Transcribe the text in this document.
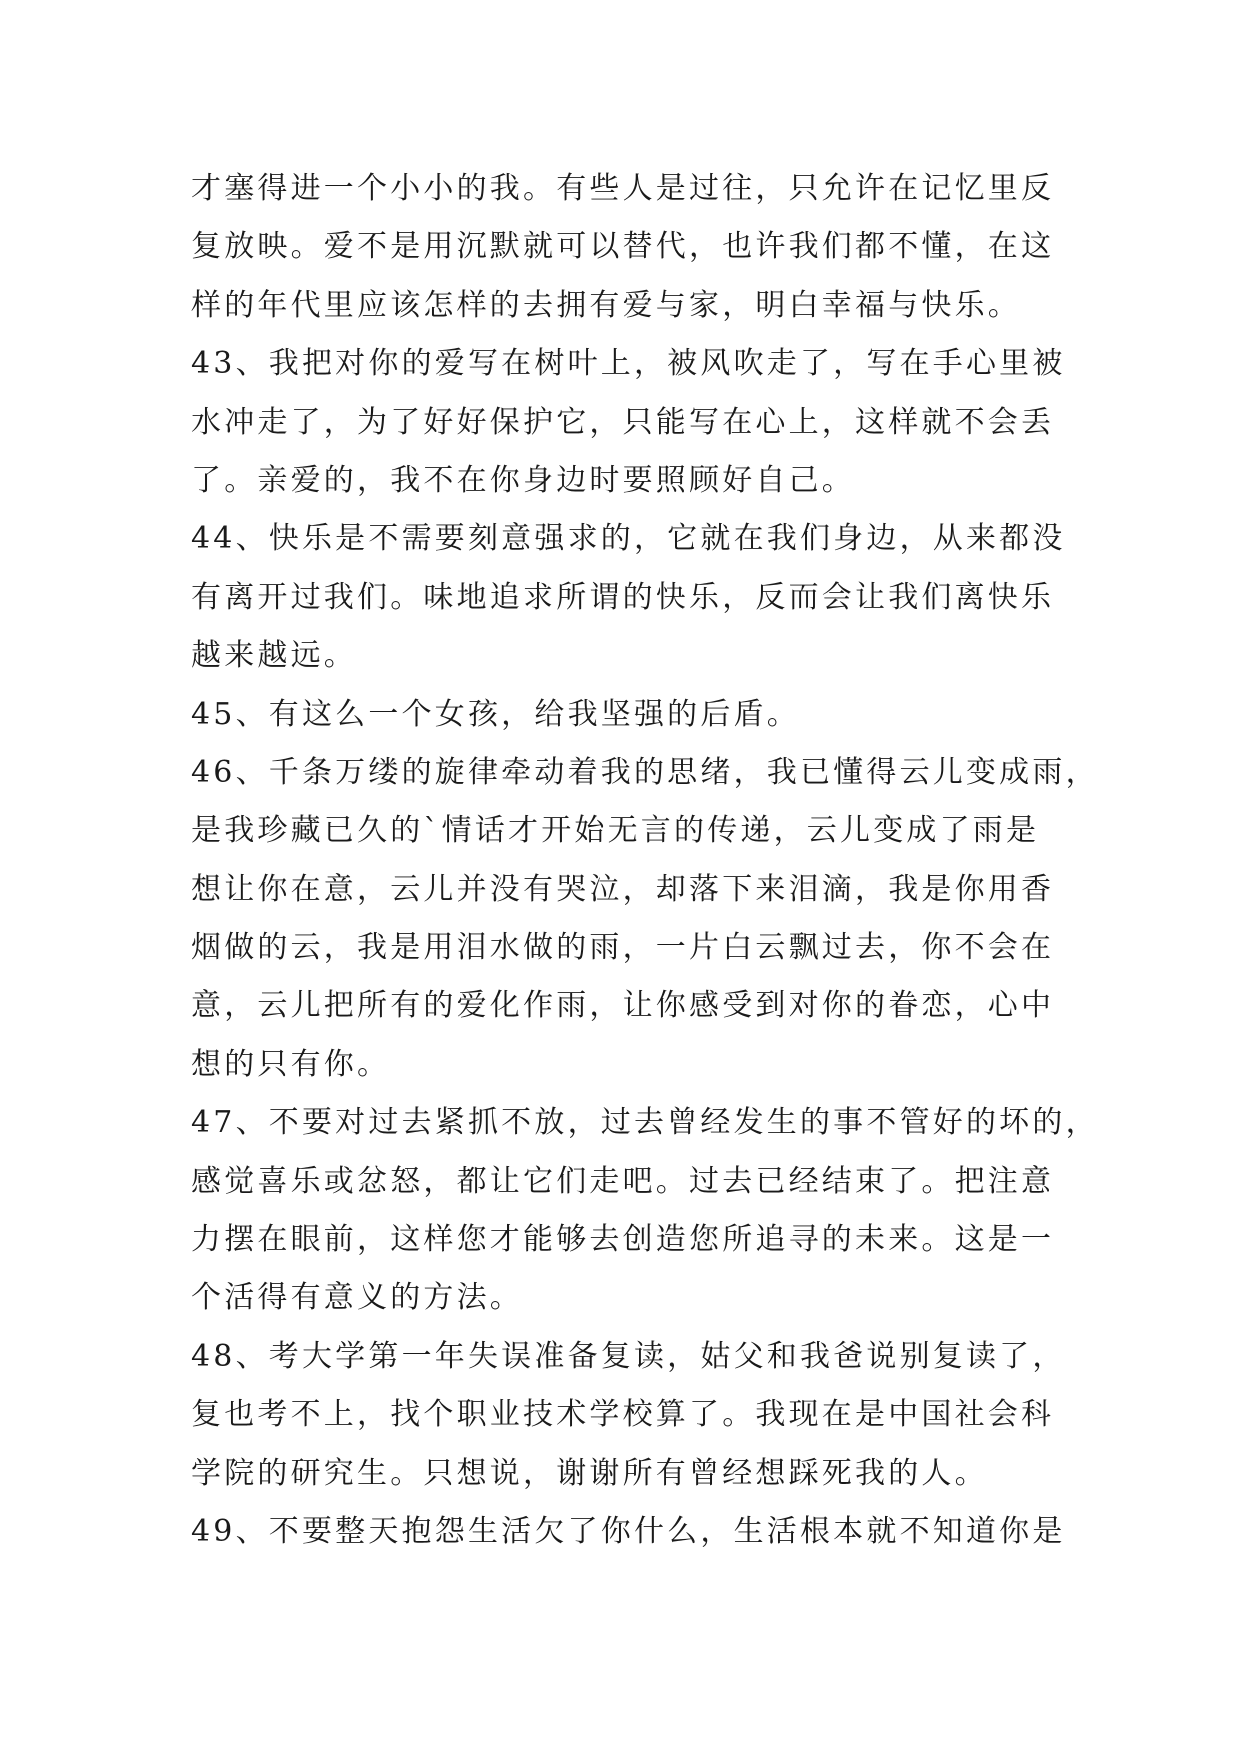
才塞得进一个小小的我。有些人是过往，只允许在记忆里反
复放映。爱不是用沉默就可以替代，也许我们都不懂，在这
样的年代里应该怎样的去拥有爱与家，明白幸福与快乐。
43、我把对你的爱写在树叶上，被风吹走了，写在手心里被
水冲走了，为了好好保护它，只能写在心上，这样就不会丢
了。亲爱的，我不在你身边时要照顾好自己。
44、快乐是不需要刻意强求的，它就在我们身边，从来都没
有离开过我们。味地追求所谓的快乐，反而会让我们离快乐
越来越远。
45、有这么一个女孩，给我坚强的后盾。
46、千条万缕的旋律牵动着我的思绪，我已懂得云儿变成雨，
是我珍藏已久的`情话才开始无言的传递，云儿变成了雨是
想让你在意，云儿并没有哭泣，却落下来泪滴，我是你用香
烟做的云，我是用泪水做的雨，一片白云飘过去，你不会在
意，云儿把所有的爱化作雨，让你感受到对你的眷恋，心中
想的只有你。
47、不要对过去紧抓不放，过去曾经发生的事不管好的坏的，
感觉喜乐或忿怒，都让它们走吧。过去已经结束了。把注意
力摆在眼前，这样您才能够去创造您所追寻的未来。这是一
个活得有意义的方法。
48、考大学第一年失误准备复读，姑父和我爸说别复读了，
复也考不上，找个职业技术学校算了。我现在是中国社会科
学院的研究生。只想说，谢谢所有曾经想踩死我的人。
49、不要整天抱怨生活欠了你什么，生活根本就不知道你是
